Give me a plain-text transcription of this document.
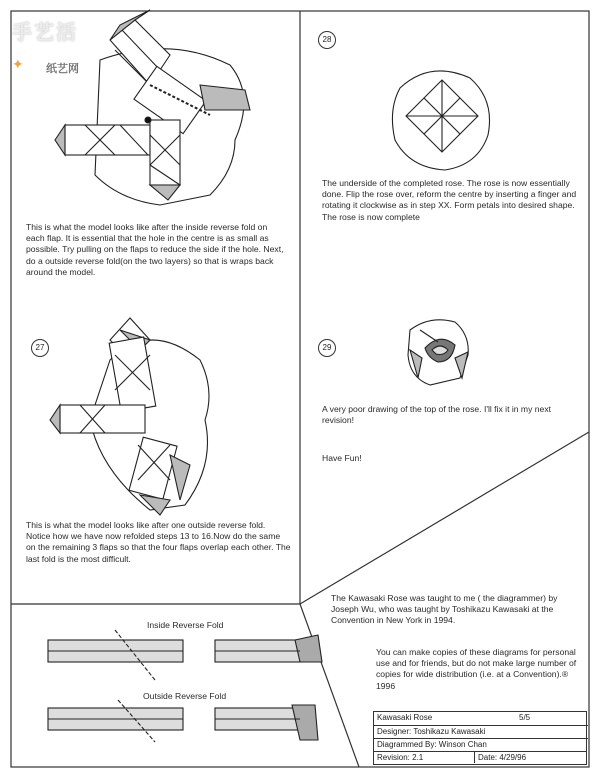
手艺活
✦ 纸艺网
This is what the model looks like after the inside reverse fold on each flap. It is essential that the hole in the centre is as small as possible. Try pulling on the flaps to reduce the side if the hole. Next, do a outside reverse fold(on the two layers) so that is wraps back around the model.
27
This is what the model looks like after one outside reverse fold. Notice how we have now refolded steps 13 to 16.Now do the same on the remaining 3 flaps so that the four flaps overlap each other. The last fold is the most difficult.
28
The underside of the completed rose. The rose is now essentially done. Flip the rose over, reform the centre by inserting a finger and rotating it clockwise as in step XX. Form petals into desired shape. The rose is now complete
29
A very poor drawing of the top of the rose. I'll fix it in my next revision!
Have Fun!
Inside Reverse Fold
Outside Reverse Fold
The Kawasaki Rose was taught to me ( the diagrammer) by Joseph Wu, who was taught by Toshikazu Kawasaki at the Convention in New York in 1994.
You can make copies of these diagrams for personal use and for friends, but do not make large number of copies for wide distribution (i.e. at a Convention).® 1996
Kawasaki Rose	5/5
Designer: Toshikazu Kawasaki
Diagrammed By: Winson Chan
Revision: 2.1	Date: 4/29/96
